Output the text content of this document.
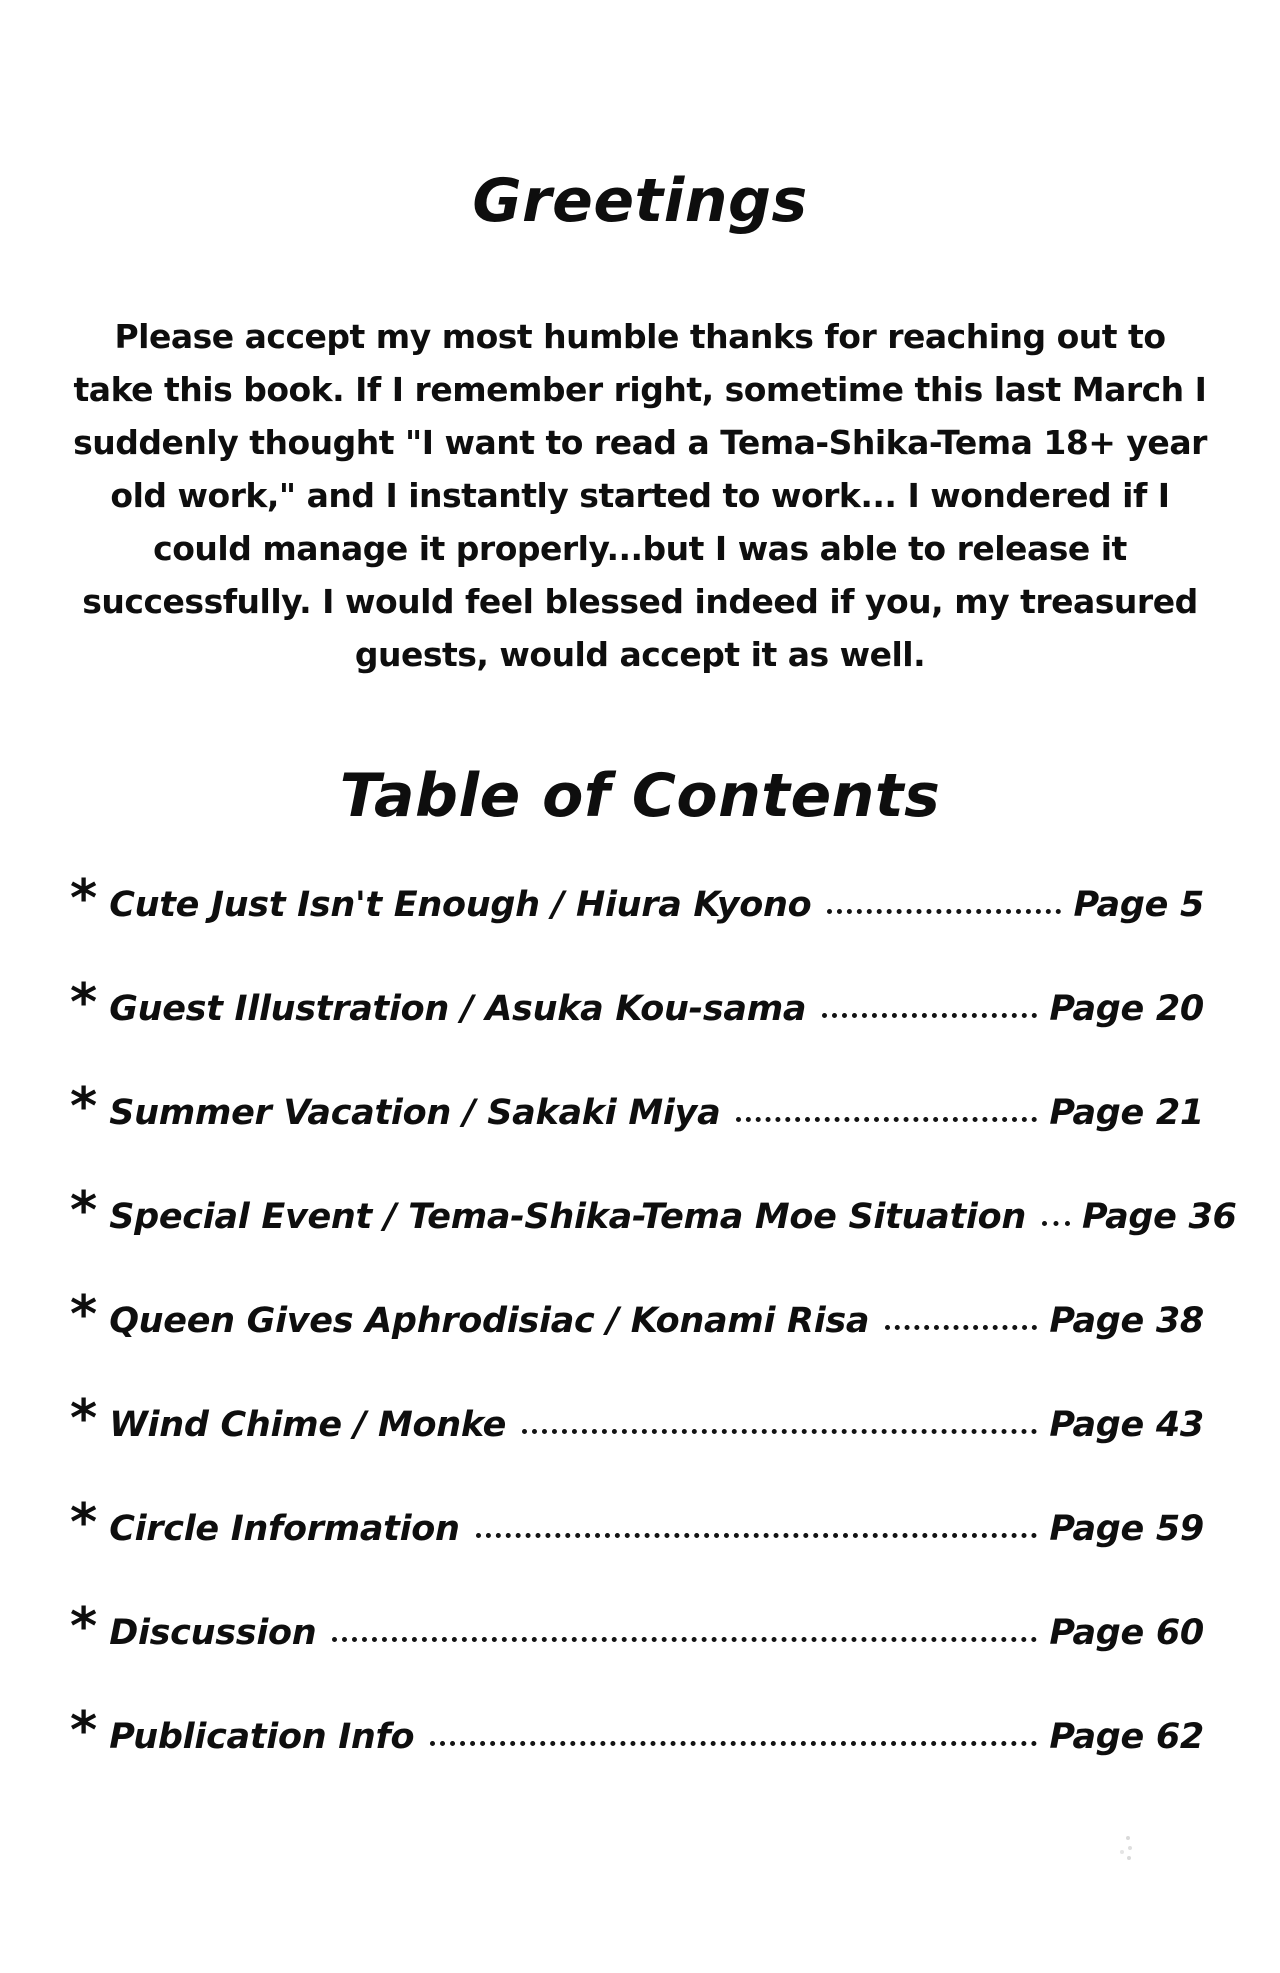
Greetings
Please accept my most humble thanks for reaching out to
take this book. If I remember right, sometime this last March I
suddenly thought "I want to read a Tema-Shika-Tema 18+ year
old work," and I instantly started to work... I wondered if I
could manage it properly...but I was able to release it
successfully. I would feel blessed indeed if you, my treasured
guests, would accept it as well.
Table of Contents
* Cute Just Isn't Enough / Hiura Kyono	Page 5
* Guest Illustration / Asuka Kou-sama	Page 20
* Summer Vacation / Sakaki Miya	Page 21
* Special Event / Tema-Shika-Tema Moe Situation Page 36
* Queen Gives Aphrodisiac / Konami Risa	Page 38
* Wind Chime / Monke	Page 43
* Circle Information	Page 59
* Discussion	Page 60
* Publication Info	Page 62
